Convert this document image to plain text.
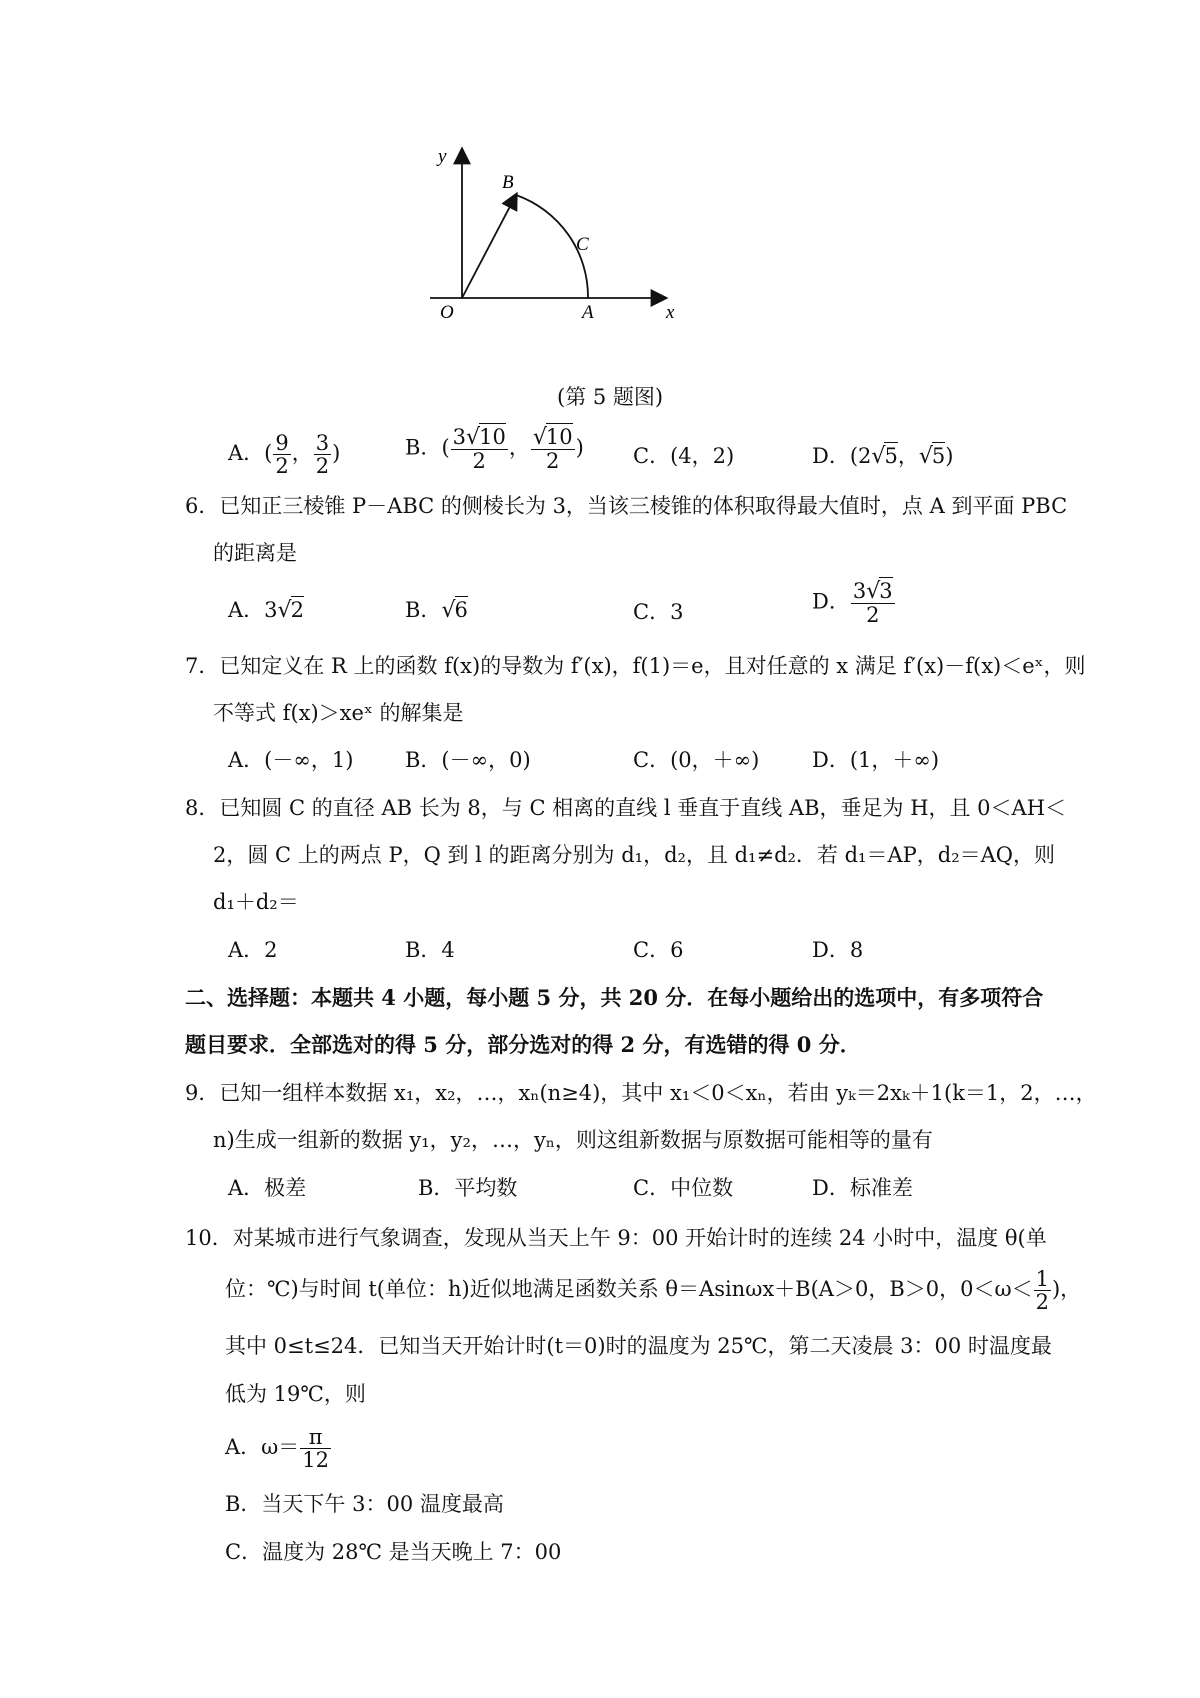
y
x
O	A
B
C
(第 5 题图)
A．( $\frac{9}{2}$ ， $\frac{3}{2}$ )	B．( $\frac{3√10}{2}$ ， $\frac{√10}{2}$ ) C．(4，2)	D．(2√5，√5)
6．已知正三棱锥 P－ABC 的侧棱长为 3，当该三棱锥的体积取得最大值时，点 A 到平面 PBC
的距离是
A．3√2	B．√6	C．3	D． $\frac{3√3}{2}$
7．已知定义在 R 上的函数 f(x)的导数为 f′(x)，f(1)＝e，且对任意的 x 满足 f′(x)－f(x)＜eˣ，则
不等式 f(x)＞xeˣ 的解集是
A．(－∞，1) B．(－∞，0)	C．(0，＋∞)	D．(1，＋∞)
8．已知圆 C 的直径 AB 长为 8，与 C 相离的直线 l 垂直于直线 AB，垂足为 H，且 0＜AH＜
2，圆 C 上的两点 P，Q 到 l 的距离分别为 d₁，d₂，且 d₁≠d₂．若 d₁＝AP，d₂＝AQ，则
d₁＋d₂＝
A．2	B．4	C．6	D．8
二、选择题：本题共 4 小题，每小题 5 分，共 20 分．在每小题给出的选项中，有多项符合
题目要求．全部选对的得 5 分，部分选对的得 2 分，有选错的得 0 分．
9．已知一组样本数据 x₁，x₂，…，xₙ(n≥4)，其中 x₁＜0＜xₙ，若由 yₖ＝2xₖ＋1(k＝1，2，…，
n)生成一组新的数据 y₁，y₂，…，yₙ，则这组新数据与原数据可能相等的量有
A．极差	B．平均数	C．中位数	D．标准差
10．对某城市进行气象调查，发现从当天上午 9：00 开始计时的连续 24 小时中，温度 θ(单
位：℃)与时间 t(单位：h)近似地满足函数关系 θ＝Asinωx＋B(A＞0，B＞0，$0<\omega< \frac{1}{2}$ )，
其中 0≤t≤24．已知当天开始计时(t＝0)时的温度为 25℃，第二天凌晨 3：00 时温度最
低为 19℃，则
A．$\omega= \frac{\pi}{12}$
B．当天下午 3：00 温度最高
C．温度为 28℃ 是当天晚上 7：00
